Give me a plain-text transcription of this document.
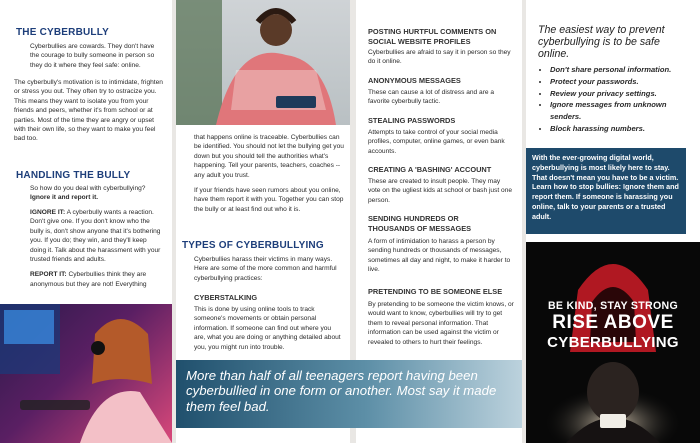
THE CYBERBULLY

Cyberbullies are cowards. They don't have the courage to bully someone in person so they do it where they feel safe: online.

The cyberbully's motivation is to intimidate, frighten or stress you out. They often try to ostracize you. This means they want to isolate you from your friends and peers, whether it's from school or at parties. Most of the time they are angry or upset with their own life, so they want to make you feel bad too.

HANDLING THE BULLY
So how do you deal with cyberbullying?
Ignore it and report it.

IGNORE IT: A cyberbully wants a reaction. Don't give one. If you don't know who the bully is, don't show anyone that it's bothering you. If you do; they win, and they'll keep doing it. Talk about the harassment with your trusted friends and adults.

REPORT IT: Cyberbullies think they are anonymous but they are not! Everything

that happens online is traceable. Cyberbullies can be identified. You should not let the bullying get you down but you should tell the authorities what's happening. Tell your parents, teachers, coaches -- any adult you trust.

If your friends have seen rumors about you online, have them report it with you. Together you can stop the bully or at least find out who it is.

TYPES OF CYBERBULLYING

Cyberbullies harass their victims in many ways. Here are some of the more common and harmful cyberbullying practices:

CYBERSTALKING

This is done by using online tools to track someone's movements or obtain personal information. If someone can find out where you are, what you are doing or anything detailed about you, you might run into trouble.

POSTING HURTFUL COMMENTS ON SOCIAL WEBSITE PROFILES
Cyberbullies are afraid to say it in person so they do it online.
ANONYMOUS MESSAGES
These can cause a lot of distress and are a favorite cyberbully tactic.
STEALING PASSWORDS
Attempts to take control of your social media profiles, computer, online games, or even bank accounts.
CREATING A 'BASHING' ACCOUNT
These are created to insult people. They may vote on the ugliest kids at school or bash just one person.
SENDING HUNDREDS OR THOUSANDS OF MESSAGES
A form of intimidation to harass a person by sending hundreds or thousands of messages, sometimes all day and night, to make it harder to live.
PRETENDING TO BE SOMEONE ELSE
By pretending to be someone the victim knows, or would want to know, cyberbullies will try to get them to reveal personal information. That information can be used against the victim or revealed to others to hurt their feelings.
More than half of all teenagers report having been cyberbullied in one form or another. Most say it made them feel bad.
The easiest way to prevent cyberbullying is to be safe online.
• Don't share personal information.
• Protect your passwords.
• Review your privacy settings.
• Ignore messages from unknown senders.
• Block harassing numbers.
With the ever-growing digital world, cyberbullying is most likely here to stay. That doesn't mean you have to be a victim. Learn how to stop bullies: Ignore them and report them. If someone is harassing you online, talk to your parents or a trusted adult.
BE KIND, STAY STRONG
RISE ABOVE
CYBERBULLYING
